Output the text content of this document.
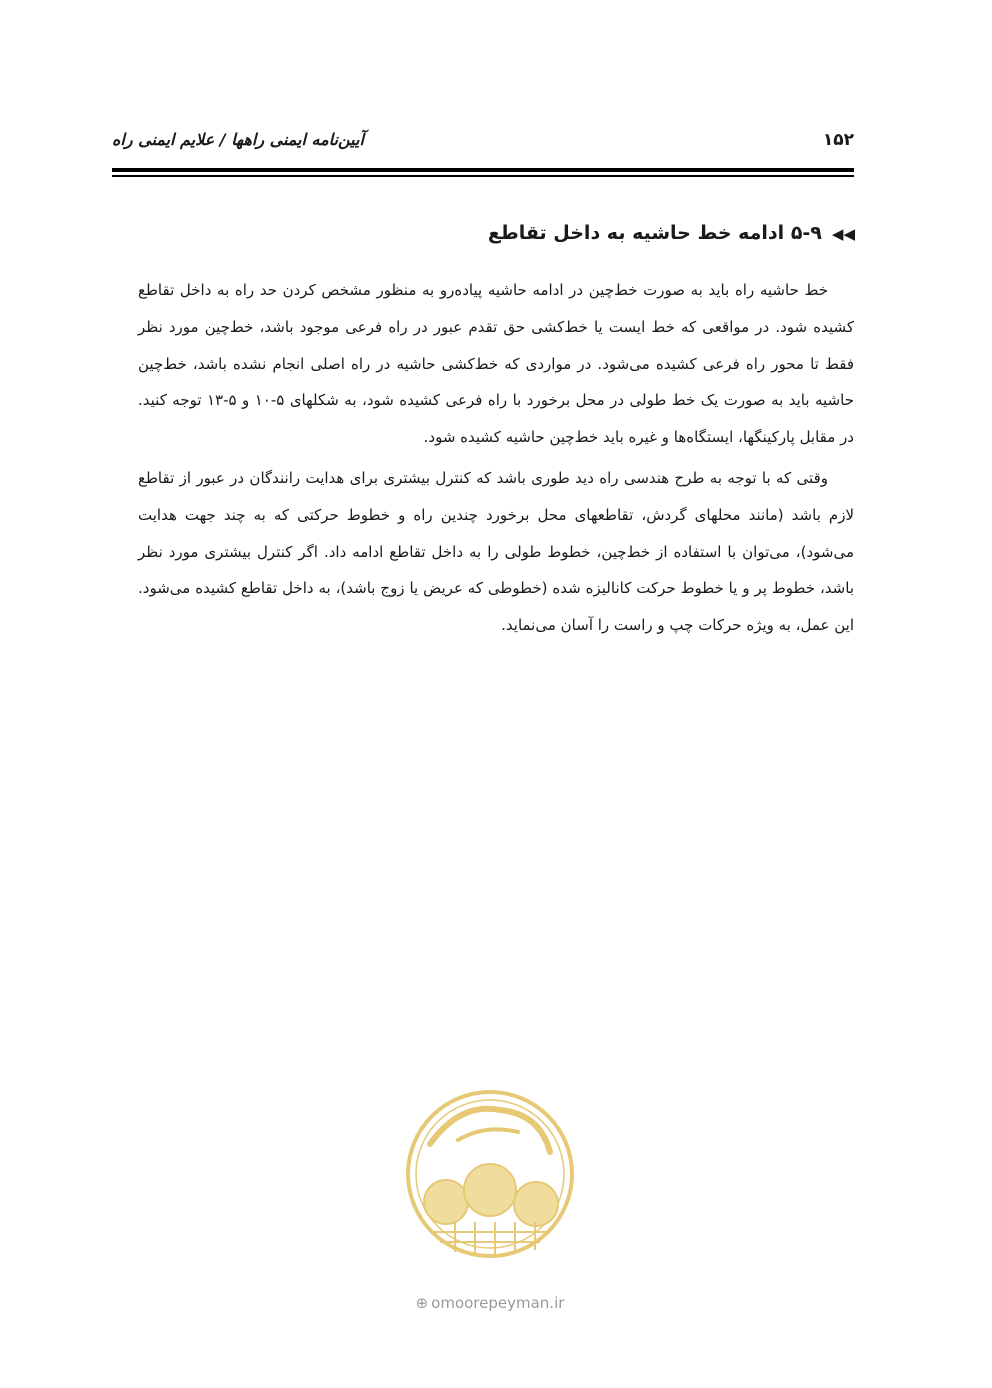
۱۵۲
آیین‌نامه ایمنی راهها / علایم ایمنی راه
◀◀۵-۹ ادامه خط حاشیه به داخل تقاطع

خط حاشیه راه باید به صورت خط‌چین در ادامه حاشیه پیاده‌رو به منظور مشخص کردن حد راه به داخل تقاطع کشیده شود. در مواقعی که خط ایست یا خط‌کشی حق تقدم عبور در راه فرعی موجود باشد، خط‌چین مورد نظر فقط تا محور راه فرعی کشیده می‌شود. در مواردی که خط‌کشی حاشیه در راه اصلی انجام نشده باشد، خط‌چین حاشیه باید به صورت یک خط طولی در محل برخورد با راه فرعی کشیده شود، به شکلهای ۵-۱۰ و ۵-۱۳ توجه کنید. در مقابل پارکینگها، ایستگاه‌ها و غیره باید خط‌چین حاشیه کشیده شود.

وقتی که با توجه به طرح هندسی راه دید طوری باشد که کنترل بیشتری برای هدایت رانندگان در عبور از تقاطع لازم باشد (مانند محلهای گردش، تقاطعهای محل برخورد چندین راه و خطوط حرکتی که به چند جهت هدایت می‌شود)، می‌توان با استفاده از خط‌چین، خطوط طولی را به داخل تقاطع ادامه داد. اگر کنترل بیشتری مورد نظر باشد، خطوط پر و یا خطوط حرکت کانالیزه شده (خطوطی که عریض یا زوج باشد)، به داخل تقاطع کشیده می‌شود. این عمل، به ویژه حرکات چپ و راست را آسان می‌نماید.

⊕ omoorepeyman.ir
